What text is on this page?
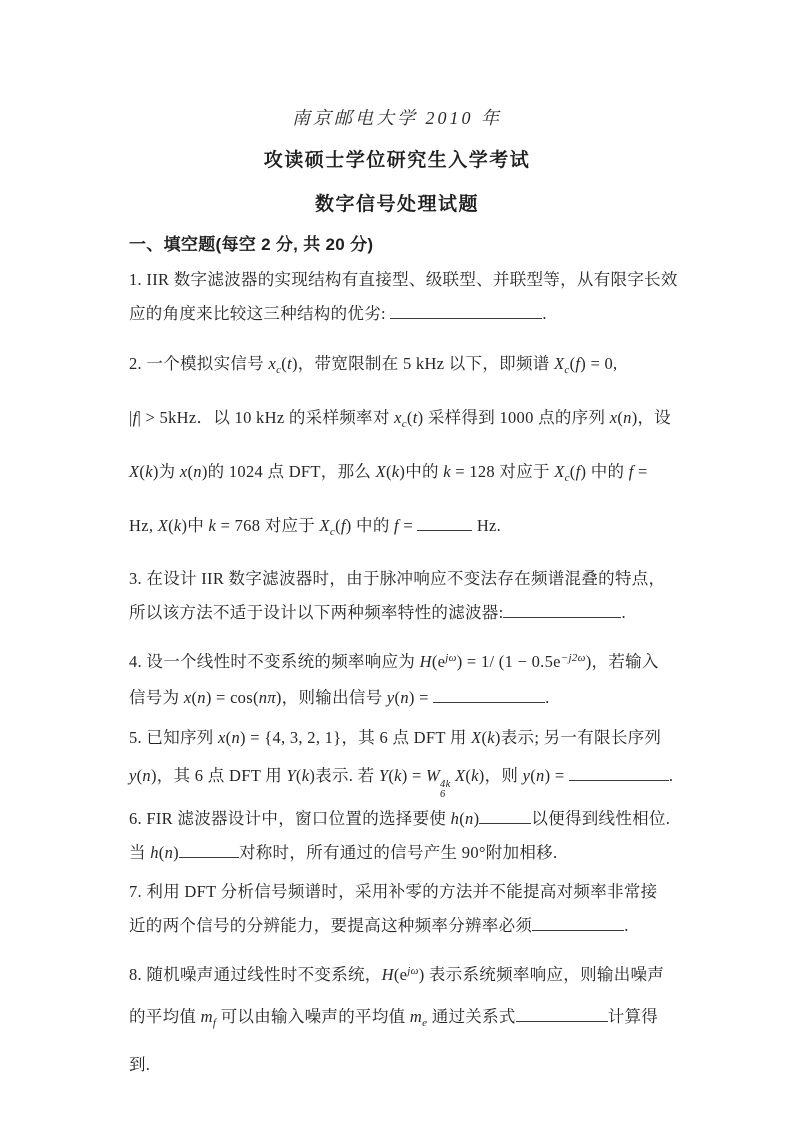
南京邮电大学 2010 年
攻读硕士学位研究生入学考试
数字信号处理试题
一、填空题(每空 2 分, 共 20 分)
1. IIR 数字滤波器的实现结构有直接型、级联型、并联型等，从有限字长效
应的角度来比较这三种结构的优劣:	.
2. 一个模拟实信号 $x_c(t)$，带宽限制在 5 kHz 以下，即频谱 $X_c(f) = 0$,
|f| > 5kHz．以 10 kHz 的采样频率对 $x_c(t)$ 采样得到 1000 点的序列 x(n)，设
X(k)为 x(n)的 1024 点 DFT，那么 X(k)中的 k = 128 对应于 $X_c(f)$ 中的 f =
Hz, X(k)中 k = 768 对应于 $X_c(f)$ 中的 f =	Hz.
3. 在设计 IIR 数字滤波器时，由于脉冲响应不变法存在频谱混叠的特点，
所以该方法不适于设计以下两种频率特性的滤波器:	.
4. 设一个线性时不变系统的频率响应为 $H(e^{j\omega}) = 1/$ $(1 - 0.5e^{-j2\omega})$，若输入
信号为 x(n) = cos(nπ)，则输出信号 y(n) =	.
5. 已知序列 x(n) = {4, 3, 2, 1}，其 6 点 DFT 用 X(k)表示; 另一有限长序列
y(n)，其 6 点 DFT 用 Y(k)表示. 若 Y(k) = W 4k
6
X(k)，则 y(n) =	.
6. FIR 滤波器设计中，窗口位置的选择要使 h(n)	以便得到线性相位.
当 h(n)	对称时，所有通过的信号产生 90°附加相移.
7. 利用 DFT 分析信号频谱时，采用补零的方法并不能提高对频率非常接
近的两个信号的分辨能力，要提高这种频率分辨率必须	.
8. 随机噪声通过线性时不变系统，$H(e^{j\omega})$ 表示系统频率响应，则输出噪声
的平均值 $m_f$ 可以由输入噪声的平均值 $m_e$ 通过关系式	计算得
到.
